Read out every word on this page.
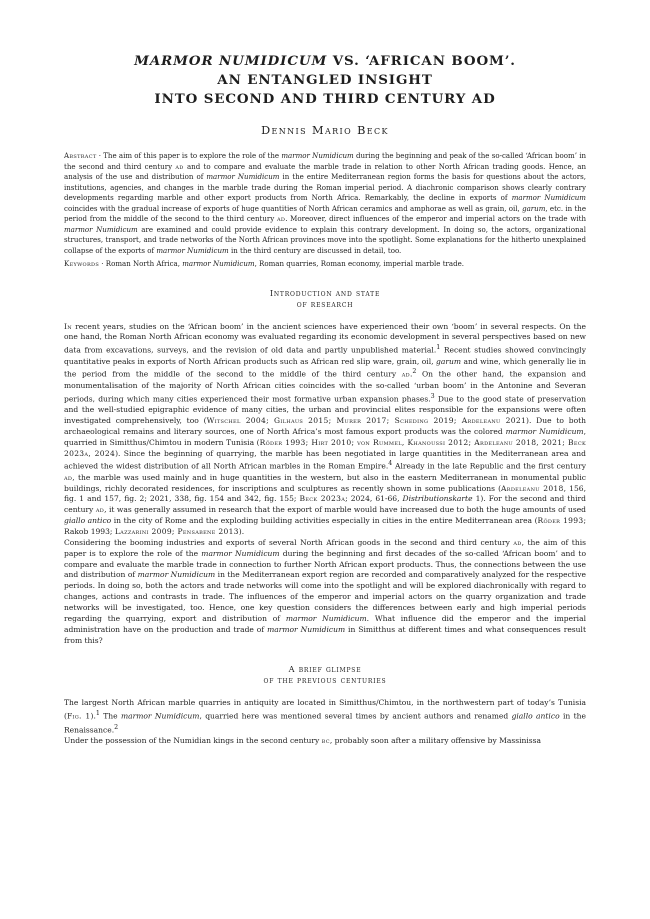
MARMOR NUMIDICUM VS. ‘AFRICAN BOOM’.
AN ENTANGLED INSIGHT
INTO SECOND AND THIRD CENTURY AD
Dennis Mario Beck

Abstract · The aim of this paper is to explore the role of the marmor Numidicum during the beginning and peak of the so-called ‘African boom’ in the second and third century ad and to compare and evaluate the marble trade in relation to other North African trading goods. Hence, an analysis of the use and distribution of marmor Numidicum in the entire Mediterranean region forms the basis for questions about the actors, institutions, agencies, and changes in the marble trade during the Roman imperial period. A diachronic comparison shows clearly contrary developments regarding marble and other export products from North Africa. Remarkably, the decline in exports of marmor Numidicum coincides with the gradual increase of exports of huge quantities of North African ceramics and amphorae as well as grain, oil, garum, etc. in the period from the middle of the second to the third century ad. Moreover, direct influences of the emperor and imperial actors on the trade with marmor Numidicum are examined and could provide evidence to explain this contrary development. In doing so, the actors, organizational structures, transport, and trade networks of the North African provinces move into the spotlight. Some explanations for the hitherto unexplained collapse of the exports of marmor Numidicum in the third century are discussed in detail, too.

Keywords · Roman North Africa, marmor Numidicum, Roman quarries, Roman economy, imperial marble trade.

Introduction and state
of research

In recent years, studies on the ‘African boom’ in the ancient sciences have experienced their own ‘boom’ in several respects. On the one hand, the Roman North African economy was evaluated regarding its economic development in several perspectives based on new data from excavations, surveys, and the revision of old data and partly unpublished material.$^1$ Recent studies showed convincingly quantitative peaks in exports of North African products such as African red slip ware, grain, oil, garum and wine, which generally lie in the period from the middle of the second to the middle of the third century ad.$^2$ On the other hand, the expansion and monumentalisation of the majority of North African cities coincides with the so-called ‘urban boom’ in the Antonine and Severan periods, during which many cities experienced their most formative urban expansion phases.$^3$ Due to the good state of preservation and the well-studied epigraphic evidence of many cities, the urban and provincial elites responsible for the expansions were often investigated comprehensively, too (Witschel 2004; Gilhaus 2015; Murer 2017; Scheding 2019; Ardeleanu 2021). Due to both archaeological remains and literary sources, one of North Africa’s most famous export products was the colored marmor Numidicum, quarried in Simitthus/Chimtou in modern Tunisia (Röder 1993; Hirt 2010; von Rummel, Khanoussi 2012; Ardeleanu 2018, 2021; Beck 2023a, 2024). Since the beginning of quarrying, the marble has been negotiated in large quantities in the Mediterranean area and achieved the widest distribution of all North African marbles in the Roman Empire.$^4$ Already in the late Republic and the first century ad, the marble was used mainly and in huge quantities in the western, but also in the eastern Mediterranean in monumental public buildings, richly decorated residences, for inscriptions and sculptures as recently shown in some publications (Ardeleanu 2018, 156, fig. 1 and 157, fig. 2; 2021, 338, fig. 154 and 342, fig. 155; Beck 2023a; 2024, 61-66, Distributionskarte 1). For the second and third century ad, it was generally assumed in research that the export of marble would have increased due to both the huge amounts of used giallo antico in the city of Rome and the exploding building activities especially in cities in the entire Mediterranean area (Röder 1993; Rakob 1993; Lazzarini 2009; Pensabene 2013).

Considering the booming industries and exports of several North African goods in the second and third century ad, the aim of this paper is to explore the role of the marmor Numidicum during the beginning and first decades of the so-called ‘African boom’ and to compare and evaluate the marble trade in connection to further North African export products. Thus, the connections between the use and distribution of marmor Numidicum in the Mediterranean export region are recorded and comparatively analyzed for the respective periods. In doing so, both the actors and trade networks will come into the spotlight and will be explored diachronically with regard to changes, actions and contrasts in trade. The influences of the emperor and imperial actors on the quarry organization and trade networks will be investigated, too. Hence, one key question considers the differences between early and high imperial periods regarding the quarrying, export and distribution of marmor Numidicum. What influence did the emperor and the imperial administration have on the production and trade of marmor Numidicum in Simitthus at different times and what consequences result from this?

A brief glimpse
of the previous centuries

The largest North African marble quarries in antiquity are located in Simitthus/Chimtou, in the northwestern part of today’s Tunisia (Fig. 1).$^1$ The marmor Numidicum, quarried here was mentioned several times by ancient authors and renamed giallo antico in the Renaissance.$^2$

Under the possession of the Numidian kings in the second century bc, probably soon after a military offensive by Massinissa
